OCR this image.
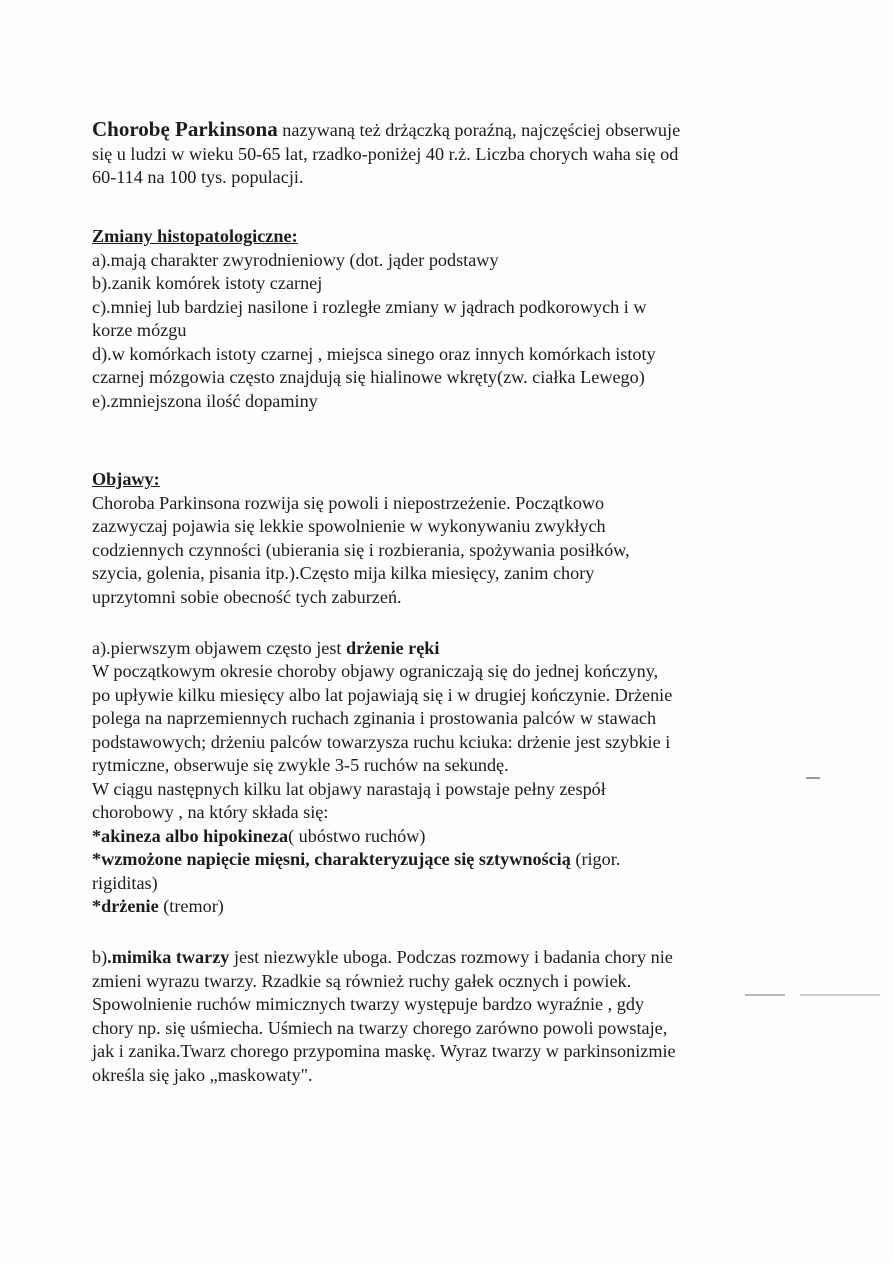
Chorobę Parkinsona nazywaną też drżączką poraźną, najczęściej obserwuje
się u ludzi w wieku 50-65 lat, rzadko-poniżej 40 r.ż. Liczba chorych waha się od
60-114 na 100 tys. populacji.
Zmiany histopatologiczne:
a).mają charakter zwyrodnieniowy (dot. jąder podstawy
b).zanik komórek istoty czarnej
c).mniej lub bardziej nasilone i rozległe zmiany w jądrach podkorowych i w
korze mózgu
d).w komórkach istoty czarnej , miejsca sinego oraz innych komórkach istoty
czarnej mózgowia często znajdują się hialinowe wkręty(zw. ciałka Lewego)
e).zmniejszona ilość dopaminy
Objawy:
Choroba Parkinsona rozwija się powoli i niepostrzeżenie. Początkowo
zazwyczaj pojawia się lekkie spowolnienie w wykonywaniu zwykłych
codziennych czynności (ubierania się i rozbierania, spożywania posiłków,
szycia, golenia, pisania itp.).Często mija kilka miesięcy, zanim chory
uprzytomni sobie obecność tych zaburzeń.
a).pierwszym objawem często jest drżenie ręki
W początkowym okresie choroby objawy ograniczają się do jednej kończyny,
po upływie kilku miesięcy albo lat pojawiają się i w drugiej kończynie. Drżenie
polega na naprzemiennych ruchach zginania i prostowania palców w stawach
podstawowych; drżeniu palców towarzysza ruchu kciuka: drżenie jest szybkie i
rytmiczne, obserwuje się zwykle 3-5 ruchów na sekundę.
W ciągu następnych kilku lat objawy narastają i powstaje pełny zespół
chorobowy , na który składa się:
*akineza albo hipokineza( ubóstwo ruchów)
*wzmożone napięcie mięsni, charakteryzujące się sztywnością (rigor.
rigiditas)
*drżenie (tremor)
b).mimika twarzy jest niezwykle uboga. Podczas rozmowy i badania chory nie
zmieni wyrazu twarzy. Rzadkie są również ruchy gałek ocznych i powiek.
Spowolnienie ruchów mimicznych twarzy występuje bardzo wyraźnie , gdy
chory np. się uśmiecha. Uśmiech na twarzy chorego zarówno powoli powstaje,
jak i zanika.Twarz chorego przypomina maskę. Wyraz twarzy w parkinsonizmie
określa się jako „maskowaty".
